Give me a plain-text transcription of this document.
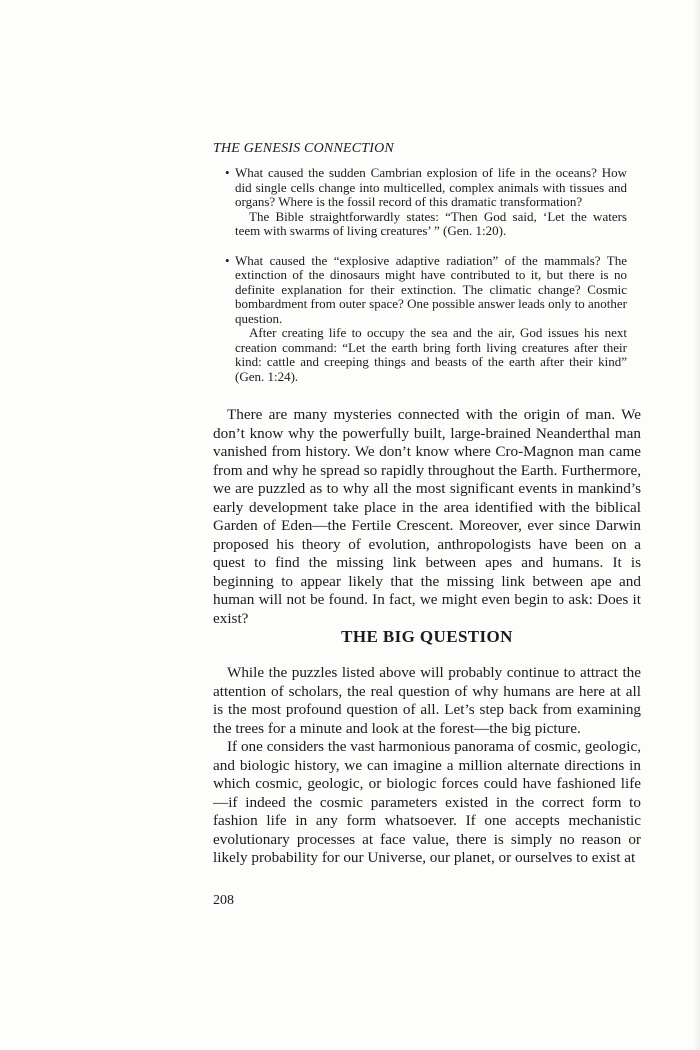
THE GENESIS CONNECTION
• What caused the sudden Cambrian explosion of life in the oceans? How did single cells change into multicelled, complex animals with tissues and organs? Where is the fossil record of this dramatic transformation?

The Bible straightforwardly states: “Then God said, ‘Let the waters teem with swarms of living creatures’ ” (Gen. 1:20).

• What caused the “explosive adaptive radiation” of the mammals? The extinction of the dinosaurs might have contributed to it, but there is no definite explanation for their extinction. The climatic change? Cosmic bombardment from outer space? One possible answer leads only to another question.

After creating life to occupy the sea and the air, God issues his next creation command: “Let the earth bring forth living creatures after their kind: cattle and creeping things and beasts of the earth after their kind” (Gen. 1:24).

There are many mysteries connected with the origin of man. We don’t know why the powerfully built, large-brained Neanderthal man vanished from history. We don’t know where Cro-Magnon man came from and why he spread so rapidly throughout the Earth. Furthermore, we are puzzled as to why all the most significant events in mankind’s early development take place in the area identified with the biblical Garden of Eden—the Fertile Crescent. Moreover, ever since Darwin proposed his theory of evolution, anthropologists have been on a quest to find the missing link between apes and humans. It is beginning to appear likely that the missing link between ape and human will not be found. In fact, we might even begin to ask: Does it exist?

THE BIG QUESTION

While the puzzles listed above will probably continue to attract the attention of scholars, the real question of why humans are here at all is the most profound question of all. Let’s step back from examining the trees for a minute and look at the forest—the big picture.

If one considers the vast harmonious panorama of cosmic, geologic, and biologic history, we can imagine a million alternate directions in which cosmic, geologic, or biologic forces could have fashioned life—if indeed the cosmic parameters existed in the correct form to fashion life in any form whatsoever. If one accepts mechanistic evolutionary processes at face value, there is simply no reason or likely probability for our Universe, our planet, or ourselves to exist at

208
